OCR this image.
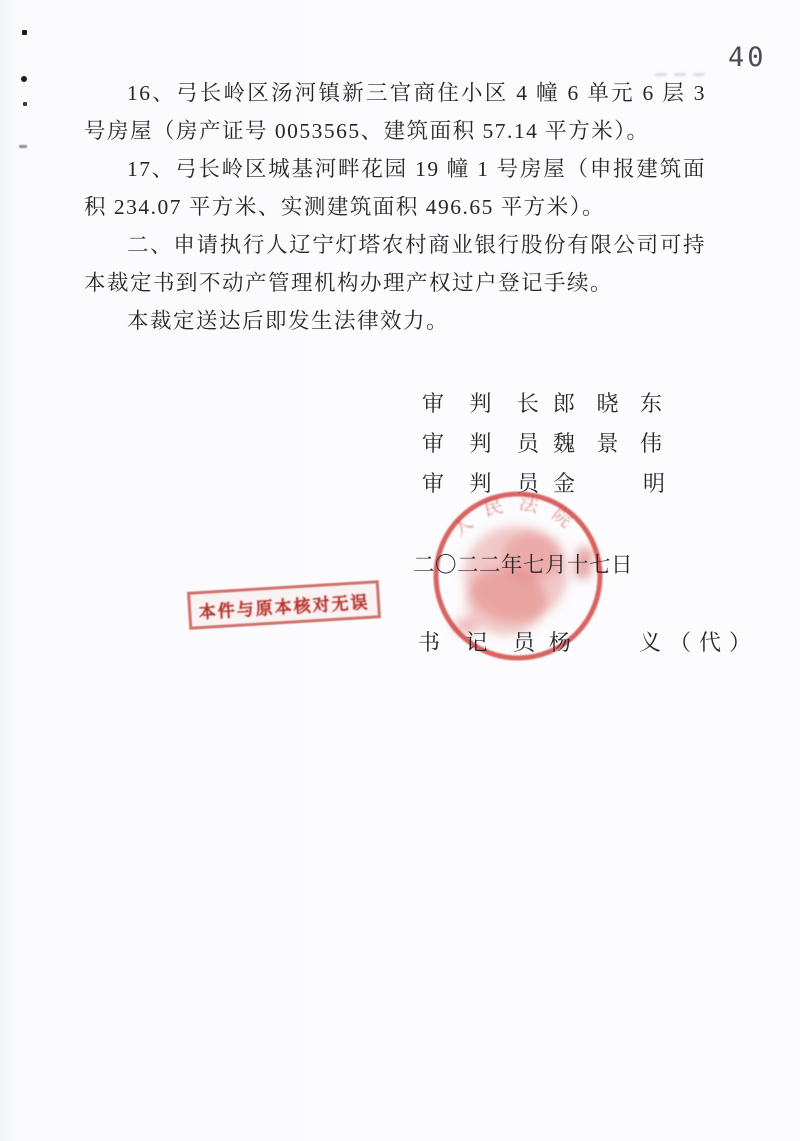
40

16、弓长岭区汤河镇新三官商住小区 4 幢 6 单元 6 层 3 号房屋（房产证号 0053565、建筑面积 57.14 平方米）。

17、弓长岭区城基河畔花园 19 幢 1 号房屋（申报建筑面积 234.07 平方米、实测建筑面积 496.65 平方米）。

二、申请执行人辽宁灯塔农村商业银行股份有限公司可持本裁定书到不动产管理机构办理产权过户登记手续。

本裁定送达后即发生法律效力。

审 判 长 郎 晓 东
审 判 员 魏 景 伟
审 判 员 金　　明
人民法院
本件与原本核对无误
二〇二二年七月十七日
书 记 员 杨　　义（代）
